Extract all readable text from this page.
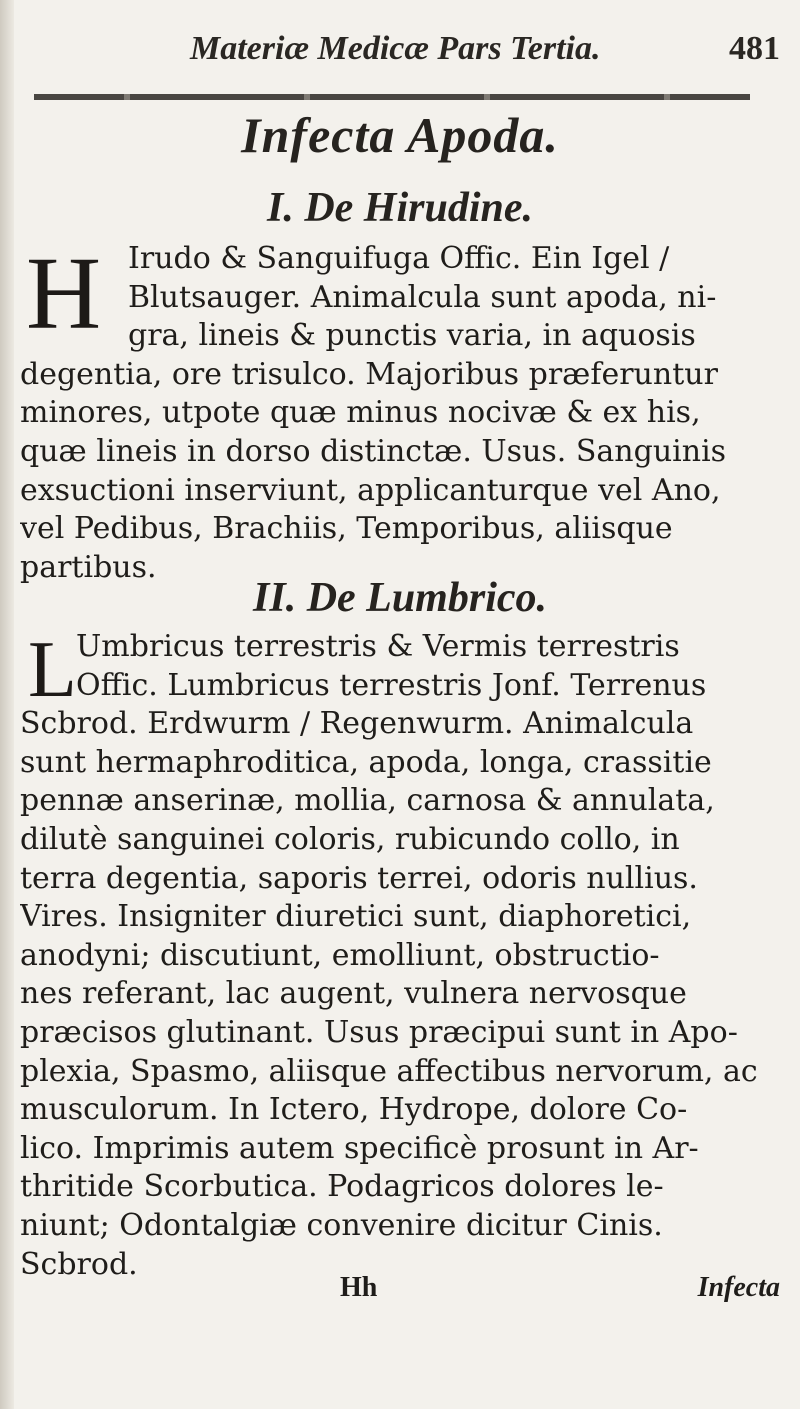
Materiæ Medicæ Pars Tertia.	481
Infecta Apoda.
I. De Hirudine.
H Irudo & Sanguifuga Offic. Ein Igel /
Blutsauger. Animalcula sunt apoda, ni-
gra, lineis & punctis varia, in aquosis
degentia, ore trisulco. Majoribus præferuntur
minores, utpote quæ minus nocivæ & ex his,
quæ lineis in dorso distinctæ. Usus. Sanguinis
exsuctioni inserviunt, applicanturque vel Ano,
vel Pedibus, Brachiis, Temporibus, aliisque
partibus.
II. De Lumbrico.
L Umbricus terrestris & Vermis terrestris
Offic. Lumbricus terrestris Jonf. Terrenus
Scbrod. Erdwurm / Regenwurm. Animalcula
sunt hermaphroditica, apoda, longa, crassitie
pennæ anserinæ, mollia, carnosa & annulata,
dilutè sanguinei coloris, rubicundo collo, in
terra degentia, saporis terrei, odoris nullius.
Vires. Insigniter diuretici sunt, diaphoretici,
anodyni; discutiunt, emolliunt, obstructio-
nes referant, lac augent, vulnera nervosque
præcisos glutinant. Usus præcipui sunt in Apo-
plexia, Spasmo, aliisque affectibus nervorum, ac
musculorum. In Ictero, Hydrope, dolore Co-
lico. Imprimis autem specificè prosunt in Ar-
thritide Scorbutica. Podagricos dolores le-
niunt; Odontalgiæ convenire dicitur Cinis.
Scbrod.
Hh	Infecta
